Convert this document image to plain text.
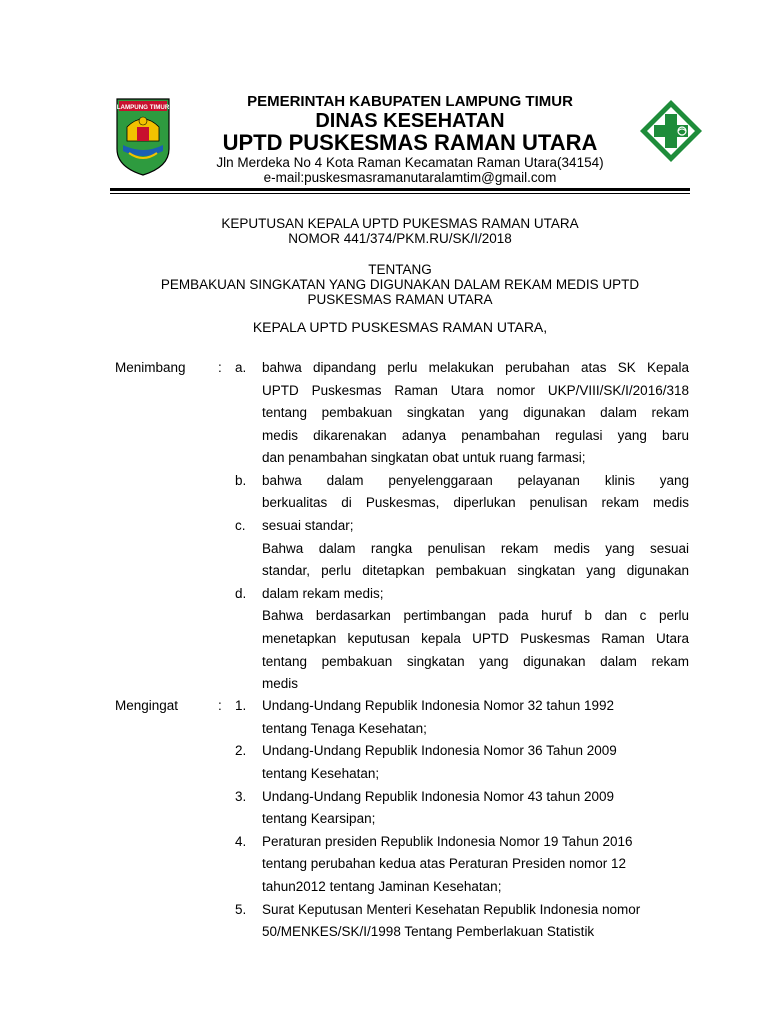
LAMPUNG TIMUR	PEMERINTAH KABUPATEN LAMPUNG TIMUR
DINAS KESEHATAN
UPTD PUSKESMAS RAMAN UTARA
Jln Merdeka No 4 Kota Raman Kecamatan Raman Utara(34154)
e-mail:puskesmasramanutaralamtim@gmail.com
KEPUTUSAN KEPALA UPTD PUKESMAS RAMAN UTARA
NOMOR 441/374/PKM.RU/SK/I/2018
TENTANG
PEMBAKUAN SINGKATAN YANG DIGUNAKAN DALAM REKAM MEDIS UPTD
PUSKESMAS RAMAN UTARA
KEPALA UPTD PUSKESMAS RAMAN UTARA,
Menimbang : a.
b.
c.
d.
bahwa dipandang perlu melakukan perubahan atas SK Kepala
UPTD Puskesmas Raman Utara nomor UKP/VIII/SK/I/2016/318
tentang pembakuan singkatan yang digunakan dalam rekam
medis dikarenakan adanya penambahan regulasi yang baru
dan penambahan singkatan obat untuk ruang farmasi;
bahwa dalam penyelenggaraan pelayanan klinis yang
berkualitas di Puskesmas, diperlukan penulisan rekam medis
sesuai standar;
Bahwa dalam rangka penulisan rekam medis yang sesuai
standar, perlu ditetapkan pembakuan singkatan yang digunakan
dalam rekam medis;
Bahwa berdasarkan pertimbangan pada huruf b dan c perlu
menetapkan keputusan kepala UPTD Puskesmas Raman Utara
tentang pembakuan singkatan yang digunakan dalam rekam
medis
Mengingat	: 1.
2.
3.
4.
5.
Undang-Undang Republik Indonesia Nomor 32 tahun 1992
tentang Tenaga Kesehatan;
Undang-Undang Republik Indonesia Nomor 36 Tahun 2009
tentang Kesehatan;
Undang-Undang Republik Indonesia Nomor 43 tahun 2009
tentang Kearsipan;
Peraturan presiden Republik Indonesia Nomor 19 Tahun 2016
tentang perubahan kedua atas Peraturan Presiden nomor 12
tahun2012 tentang Jaminan Kesehatan;
Surat Keputusan Menteri Kesehatan Republik Indonesia nomor
50/MENKES/SK/I/1998 Tentang Pemberlakuan Statistik
